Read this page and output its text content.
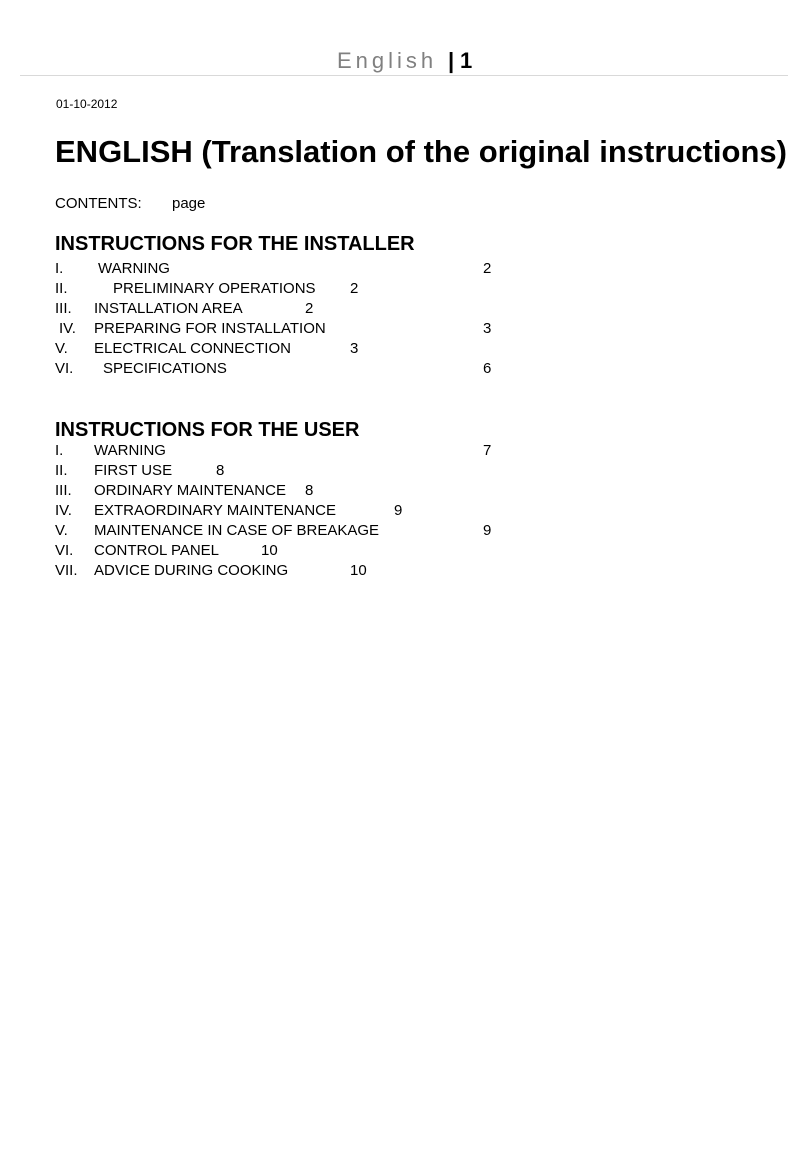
English | 1
01-10-2012
ENGLISH (Translation of the original instructions)
CONTENTS: page
INSTRUCTIONS FOR THE INSTALLER
I. WARNING	2
II.	PRELIMINARY OPERATIONS 2
III. INSTALLATION AREA	2
IV. PREPARING FOR INSTALLATION	3
V. ELECTRICAL CONNECTION	3
VI. SPECIFICATIONS	6
INSTRUCTIONS FOR THE USER
I. WARNING	7
II. FIRST USE	8
III. ORDINARY MAINTENANCE 8
IV. EXTRAORDINARY MAINTENANCE	9
V. MAINTENANCE IN CASE OF BREAKAGE	9
VI. CONTROL PANEL	10
VII. ADVICE DURING COOKING	10
